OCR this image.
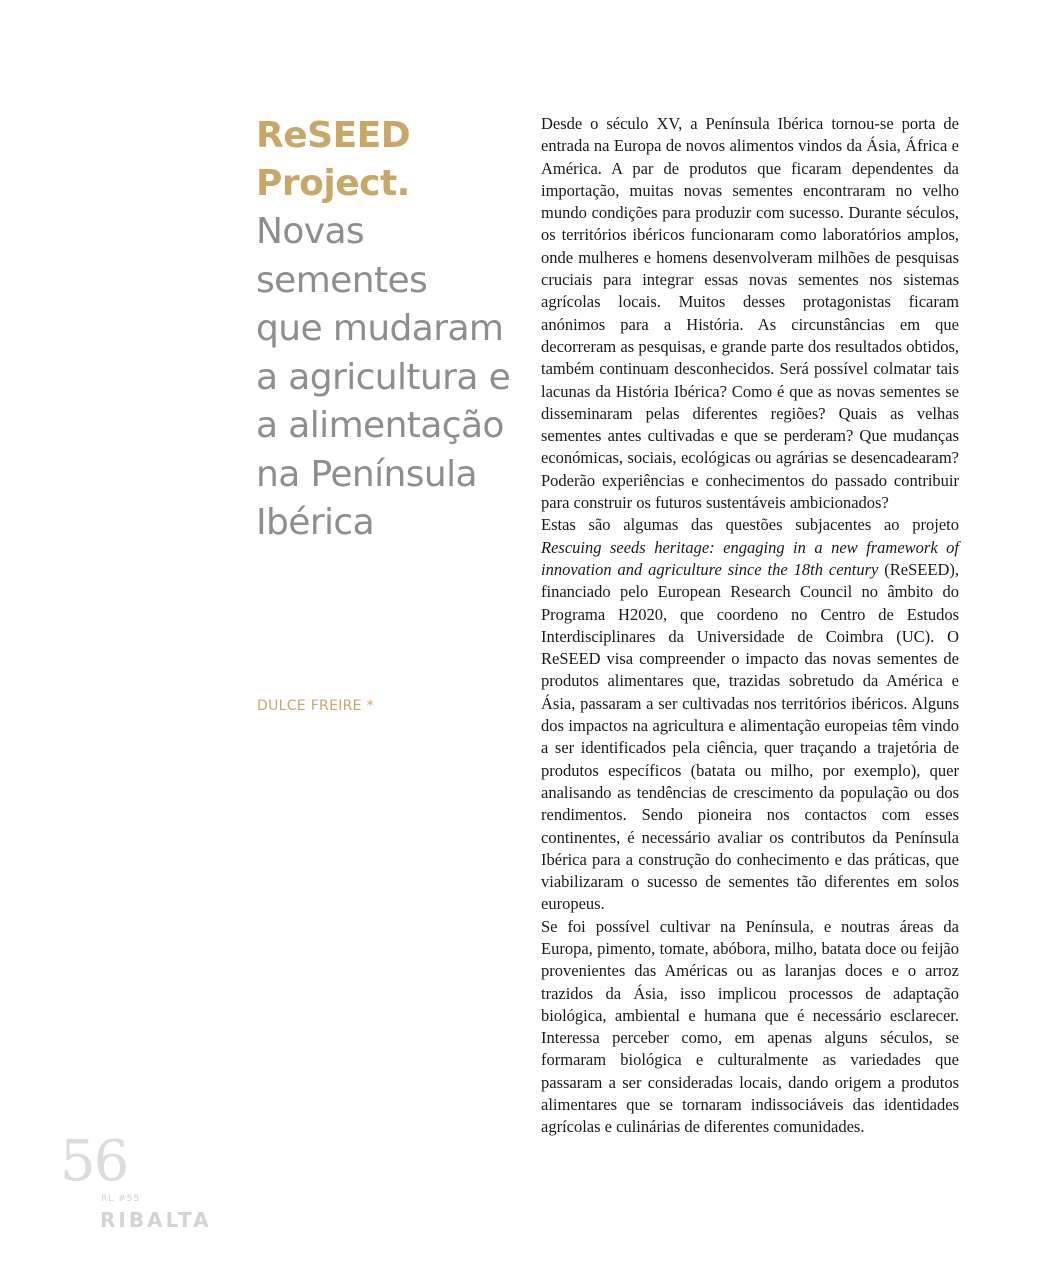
ReSEED
Project.
Novas
sementes
que mudaram
a agricultura e
a alimentação
na Península
Ibérica
DULCE FREIRE *

Desde o século XV, a Península Ibérica tornou-se porta de entrada na Europa de novos alimentos vindos da Ásia, África e América. A par de produtos que ficaram dependentes da importação, muitas novas sementes encontraram no velho mundo condições para produzir com sucesso. Durante séculos, os territórios ibéricos funcionaram como laboratórios amplos, onde mulheres e homens desenvolveram milhões de pesquisas cruciais para integrar essas novas sementes nos sistemas agrícolas locais. Muitos desses protagonistas ficaram anónimos para a História. As circunstâncias em que decorreram as pesquisas, e grande parte dos resultados obtidos, também continuam desconhecidos. Será possível colmatar tais lacunas da História Ibérica? Como é que as novas sementes se disseminaram pelas diferentes regiões? Quais as velhas sementes antes cultivadas e que se perderam? Que mudanças económicas, sociais, ecológicas ou agrárias se desencadearam? Poderão experiências e conhecimentos do passado contribuir para construir os futuros sustentáveis ambicionados?

Estas são algumas das questões subjacentes ao projeto Rescuing seeds heritage: engaging in a new framework of innovation and agriculture since the 18th century (ReSEED), financiado pelo European Research Council no âmbito do Programa H2020, que coordeno no Centro de Estudos Interdisciplinares da Universidade de Coimbra (UC). O ReSEED visa compreender o impacto das novas sementes de produtos alimentares que, trazidas sobretudo da América e Ásia, passaram a ser cultivadas nos territórios ibéricos. Alguns dos impactos na agricultura e alimentação europeias têm vindo a ser identificados pela ciência, quer traçando a trajetória de produtos específicos (batata ou milho, por exemplo), quer analisando as tendências de crescimento da população ou dos rendimentos. Sendo pioneira nos contactos com esses continentes, é necessário avaliar os contributos da Península Ibérica para a construção do conhecimento e das práticas, que viabilizaram o sucesso de sementes tão diferentes em solos europeus.

Se foi possível cultivar na Península, e noutras áreas da Europa, pimento, tomate, abóbora, milho, batata doce ou feijão provenientes das Américas ou as laranjas doces e o arroz trazidos da Ásia, isso implicou processos de adaptação biológica, ambiental e humana que é necessário esclarecer. Interessa perceber como, em apenas alguns séculos, se formaram biológica e culturalmente as variedades que passaram a ser consideradas locais, dando origem a produtos alimentares que se tornaram indissociáveis das identidades agrícolas e culinárias de diferentes comunidades.

56
RL #55
RIBALTA
